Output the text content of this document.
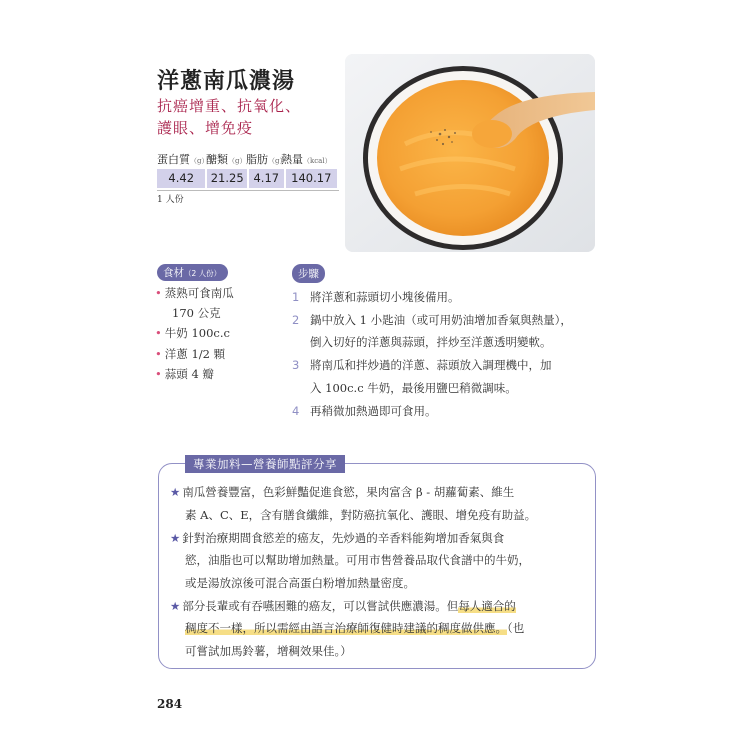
洋蔥南瓜濃湯
抗癌增重、抗氧化、
護眼、增免疫
蛋白質（g）
醣類（g） 脂肪（g）
熱量（kcal）
4.42	21.25 4.17	140.17
1 人份
食材（2 人份）
• 蒸熟可食南瓜
170 公克
• 牛奶 100c.c
• 洋蔥 1/2 顆
• 蒜頭 4 瓣
步驟
1 將洋蔥和蒜頭切小塊後備用。
2 鍋中放入 1 小匙油（或可用奶油增加香氣與熱量），
倒入切好的洋蔥與蒜頭，拌炒至洋蔥透明變軟。
3 將南瓜和拌炒過的洋蔥、蒜頭放入調理機中，加
入 100c.c 牛奶，最後用鹽巴稍微調味。
4 再稍微加熱過即可食用。
專業加料—營養師點評分享
★ 南瓜營養豐富，色彩鮮豔促進食慾，果肉富含 β - 胡蘿蔔素、維生
素 A、C、E，含有膳食纖維，對防癌抗氧化、護眼、增免疫有助益。
★ 針對治療期間食慾差的癌友，先炒過的辛香料能夠增加香氣與食
慾，油脂也可以幫助增加熱量。可用市售營養品取代食譜中的牛奶，
或是湯放涼後可混合高蛋白粉增加熱量密度。
★ 部分長輩或有吞嚥困難的癌友，可以嘗試供應濃湯。但每人適合的
稠度不一樣，所以需經由語言治療師復健時建議的稠度做供應。（也
可嘗試加馬鈴薯，增稠效果佳。）
284
